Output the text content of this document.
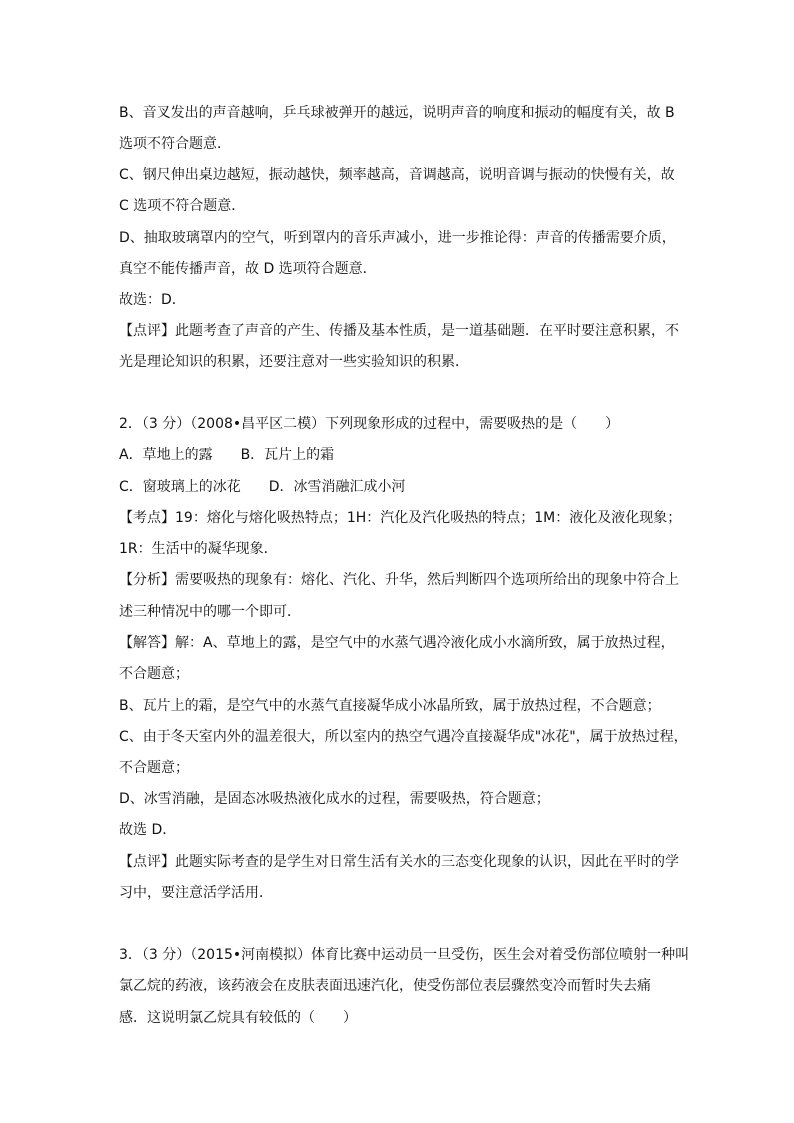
B、音叉发出的声音越响，乒乓球被弹开的越远，说明声音的响度和振动的幅度有关，故 B
选项不符合题意．
C、钢尺伸出桌边越短，振动越快，频率越高，音调越高，说明音调与振动的快慢有关，故
C 选项不符合题意．
D、抽取玻璃罩内的空气，听到罩内的音乐声减小，进一步推论得：声音的传播需要介质，
真空不能传播声音，故 D 选项符合题意．
故选：D．
【点评】此题考查了声音的产生、传播及基本性质，是一道基础题．在平时要注意积累，不
光是理论知识的积累，还要注意对一些实验知识的积累．
2．（3 分）（2008•昌平区二模）下列现象形成的过程中，需要吸热的是（　　）
A．草地上的露　　B．瓦片上的霜
C．窗玻璃上的冰花　　D．冰雪消融汇成小河
【考点】19：熔化与熔化吸热特点；1H：汽化及汽化吸热的特点；1M：液化及液化现象；
1R：生活中的凝华现象．
【分析】需要吸热的现象有：熔化、汽化、升华，然后判断四个选项所给出的现象中符合上
述三种情况中的哪一个即可．
【解答】解：A、草地上的露，是空气中的水蒸气遇冷液化成小水滴所致，属于放热过程，
不合题意；
B、瓦片上的霜，是空气中的水蒸气直接凝华成小冰晶所致，属于放热过程，不合题意；
C、由于冬天室内外的温差很大，所以室内的热空气遇冷直接凝华成"冰花"，属于放热过程，
不合题意；
D、冰雪消融，是固态冰吸热液化成水的过程，需要吸热，符合题意；
故选 D．
【点评】此题实际考查的是学生对日常生活有关水的三态变化现象的认识，因此在平时的学
习中，要注意活学活用．
3．（3 分）（2015•河南模拟）体育比赛中运动员一旦受伤，医生会对着受伤部位喷射一种叫
氯乙烷的药液，该药液会在皮肤表面迅速汽化，使受伤部位表层骤然变冷而暂时失去痛
感．这说明氯乙烷具有较低的（　　）
